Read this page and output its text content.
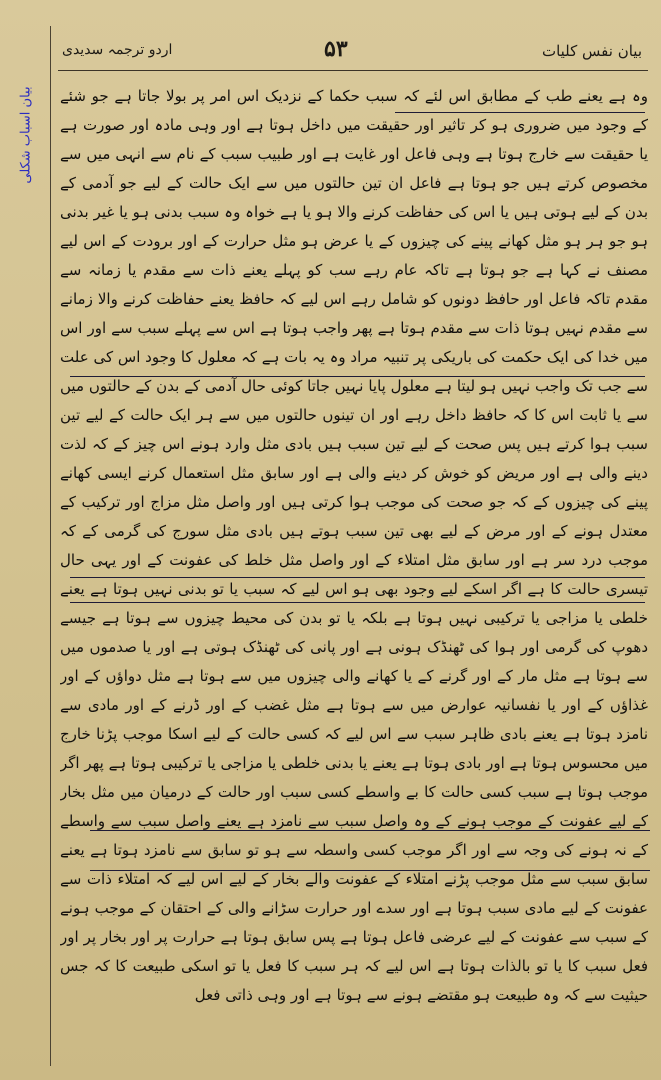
بیان نفس کلیات
۵۳
اردو ترجمہ سدیدی
بیان اسباب شکلی وہ ہے یعنے طب کے مطابق اس لئے کہ سبب حکما کے نزدیک اس امر پر بولا جاتا ہے جو شئے کے وجود میں ضروری ہو کر تاثیر اور حقیقت میں داخل ہوتا ہے اور وہی مادہ اور صورت ہے یا حقیقت سے خارج ہوتا ہے وہی فاعل اور غایت ہے اور طبیب سبب کے نام سے انہی میں سے مخصوص کرتے ہیں جو ہوتا ہے فاعل ان تین حالتوں میں سے ایک حالت کے لیے جو آدمی کے بدن کے لیے ہوتی ہیں یا اس کی حفاظت کرنے والا ہو یا ہے خواہ وہ سبب بدنی ہو یا غیر بدنی ہو جو ہر ہو مثل کھانے پینے کی چیزوں کے یا عرض ہو مثل حرارت کے اور برودت کے اس لیے مصنف نے کہا ہے جو ہوتا ہے تاکہ عام رہے سب کو پہلے یعنے ذات سے مقدم یا زمانہ سے مقدم تاکہ فاعل اور حافظ دونوں کو شامل رہے اس لیے کہ حافظ یعنے حفاظت کرنے والا زمانے سے مقدم نہیں ہوتا ذات سے مقدم ہوتا ہے پھر واجب ہوتا ہے اس سے پہلے سبب سے اور اس میں خدا کی ایک حکمت کی باریکی پر تنبیہ مراد وہ یہ بات ہے کہ معلول کا وجود اس کی علت سے جب تک واجب نہیں ہو لیتا ہے معلول پایا نہیں جاتا کوئی حال آدمی کے بدن کے حالتوں میں سے یا ثابت اس کا کہ حافظ داخل رہے اور ان تینوں حالتوں میں سے ہر ایک حالت کے لیے تین سبب ہوا کرتے ہیں پس صحت کے لیے تین سبب ہیں بادی مثل وارد ہونے اس چیز کے کہ لذت دینے والی ہے اور مریض کو خوش کر دینے والی ہے اور سابق مثل استعمال کرنے ایسی کھانے پینے کی چیزوں کے کہ جو صحت کی موجب ہوا کرتی ہیں اور واصل مثل مزاج اور ترکیب کے معتدل ہونے کے اور مرض کے لیے بھی تین سبب ہوتے ہیں بادی مثل سورج کی گرمی کے کہ موجب درد سر ہے اور سابق مثل امتلاء کے اور واصل مثل خلط کی عفونت کے اور یہی حال تیسری حالت کا ہے اگر اسکے لیے وجود بھی ہو اس لیے کہ سبب یا تو بدنی نہیں ہوتا ہے یعنے خلطی یا مزاجی یا ترکیبی نہیں ہوتا ہے بلکہ یا تو بدن کی محیط چیزوں سے ہوتا ہے جیسے دھوپ کی گرمی اور ہوا کی ٹھنڈک ہونی ہے اور پانی کی ٹھنڈک ہوتی ہے اور یا صدموں میں سے ہوتا ہے مثل مار کے اور گرنے کے یا کھانے والی چیزوں میں سے ہوتا ہے مثل دواؤں کے اور غذاؤں کے اور یا نفسانیہ عوارض میں سے ہوتا ہے مثل غضب کے اور ڈرنے کے اور مادی سے نامزد ہوتا ہے یعنے بادی ظاہر سبب سے اس لیے کہ کسی حالت کے لیے اسکا موجب پڑنا خارج میں محسوس ہوتا ہے اور بادی ہوتا ہے یعنے یا بدنی خلطی یا مزاجی یا ترکیبی ہوتا ہے پھر اگر موجب ہوتا ہے سبب کسی حالت کا بے واسطے کسی سبب اور حالت کے درمیان میں مثل بخار کے لیے عفونت کے موجب ہونے کے وہ واصل سبب سے نامزد ہے یعنے واصل سبب سے واسطے کے نہ ہونے کی وجہ سے اور اگر موجب کسی واسطہ سے ہو تو سابق سے نامزد ہوتا ہے یعنے سابق سبب سے مثل موجب پڑنے امتلاء کے عفونت والے بخار کے لیے اس لیے کہ امتلاء ذات سے عفونت کے لیے مادی سبب ہوتا ہے اور سدے اور حرارت سڑانے والی کے احتقان کے موجب ہونے کے سبب سے عفونت کے لیے عرضی فاعل ہوتا ہے پس سابق ہوتا ہے حرارت پر اور بخار پر اور فعل سبب کا یا تو بالذات ہوتا ہے اس لیے کہ ہر سبب کا فعل یا تو اسکی طبیعت کا کہ جس حیثیت سے کہ وہ طبیعت ہو مقتضے ہونے سے ہوتا ہے اور وہی ذاتی فعل
